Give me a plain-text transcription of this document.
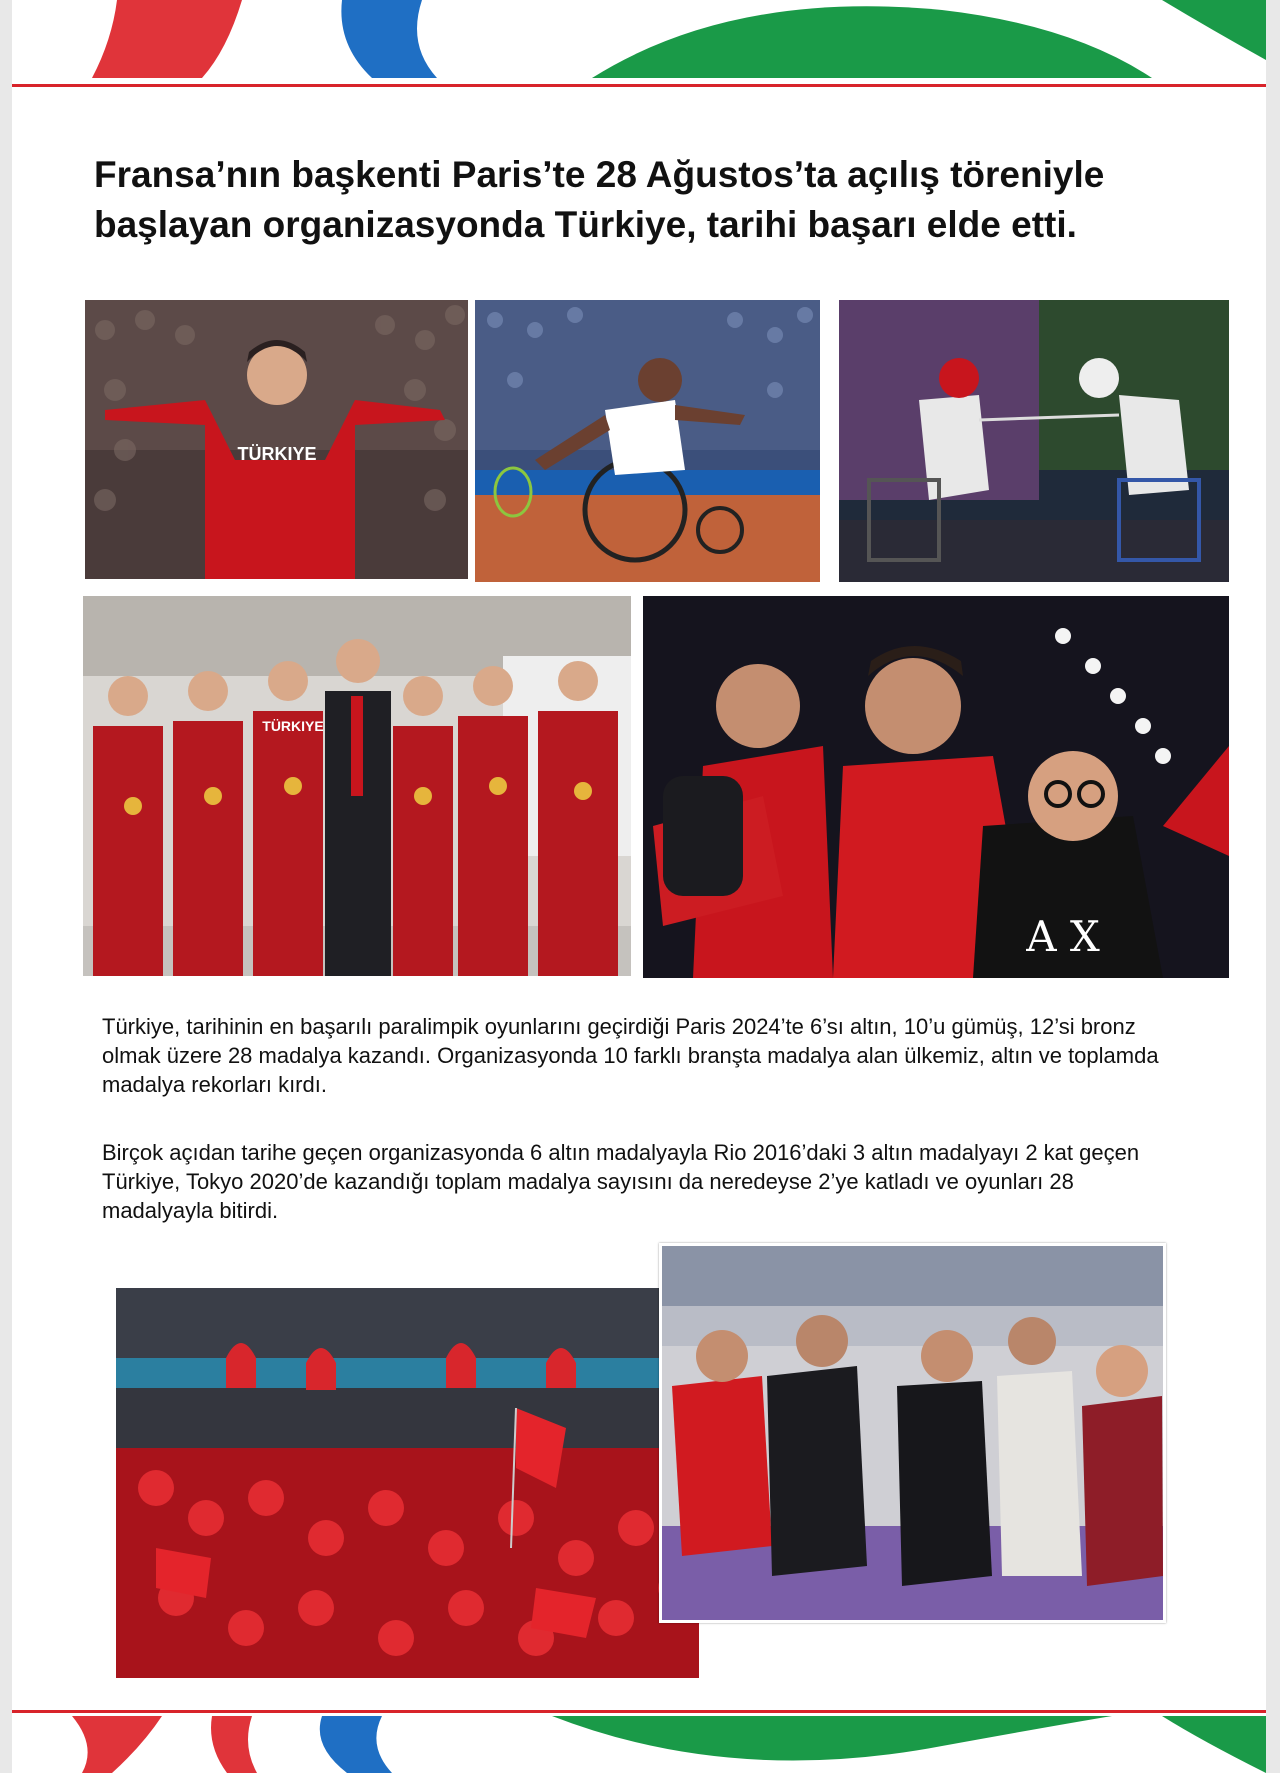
Fransa’nın başkenti Paris’te 28 Ağustos’ta açılış töreniyle başlayan organizasyonda Türkiye, tarihi başarı elde etti.
TÜRKIYE
TÜRKIYE
A X

Türkiye, tarihinin en başarılı paralimpik oyunlarını geçirdiği Paris 2024’te 6’sı altın, 10’u gümüş, 12’si bronz olmak üzere 28 madalya kazandı. Organizasyonda 10 farklı branşta madalya alan ülkemiz, altın ve toplamda madalya rekorları kırdı.

Birçok açıdan tarihe geçen organizasyonda 6 altın madalyayla Rio 2016’daki 3 altın madalyayı 2 kat geçen Türkiye, Tokyo 2020’de kazandığı toplam madalya sayısını da neredeyse 2’ye katladı ve oyunları 28 madalyayla bitirdi.
